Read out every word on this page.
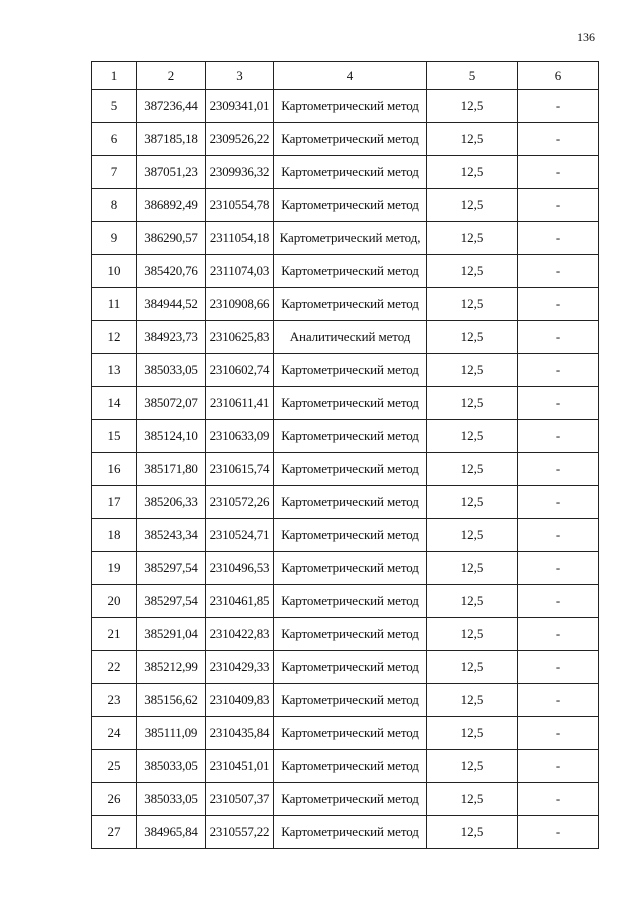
136
1	2	3	4	5	6
5	387236,44	2309341,01	Картометрический метод	12,5	-
6	387185,18	2309526,22	Картометрический метод	12,5	-
7	387051,23	2309936,32	Картометрический метод	12,5	-
8	386892,49	2310554,78	Картометрический метод	12,5	-
9	386290,57	2311054,18	Картометрический метод,	12,5	-
10	385420,76	2311074,03	Картометрический метод	12,5	-
11	384944,52	2310908,66	Картометрический метод	12,5	-
12	384923,73	2310625,83	Аналитический метод	12,5	-
13	385033,05	2310602,74	Картометрический метод	12,5	-
14	385072,07	2310611,41	Картометрический метод	12,5	-
15	385124,10	2310633,09	Картометрический метод	12,5	-
16	385171,80	2310615,74	Картометрический метод	12,5	-
17	385206,33	2310572,26	Картометрический метод	12,5	-
18	385243,34	2310524,71	Картометрический метод	12,5	-
19	385297,54	2310496,53	Картометрический метод	12,5	-
20	385297,54	2310461,85	Картометрический метод	12,5	-
21	385291,04	2310422,83	Картометрический метод	12,5	-
22	385212,99	2310429,33	Картометрический метод	12,5	-
23	385156,62	2310409,83	Картометрический метод	12,5	-
24	385111,09	2310435,84	Картометрический метод	12,5	-
25	385033,05	2310451,01	Картометрический метод	12,5	-
26	385033,05	2310507,37	Картометрический метод	12,5	-
27	384965,84	2310557,22	Картометрический метод	12,5	-
